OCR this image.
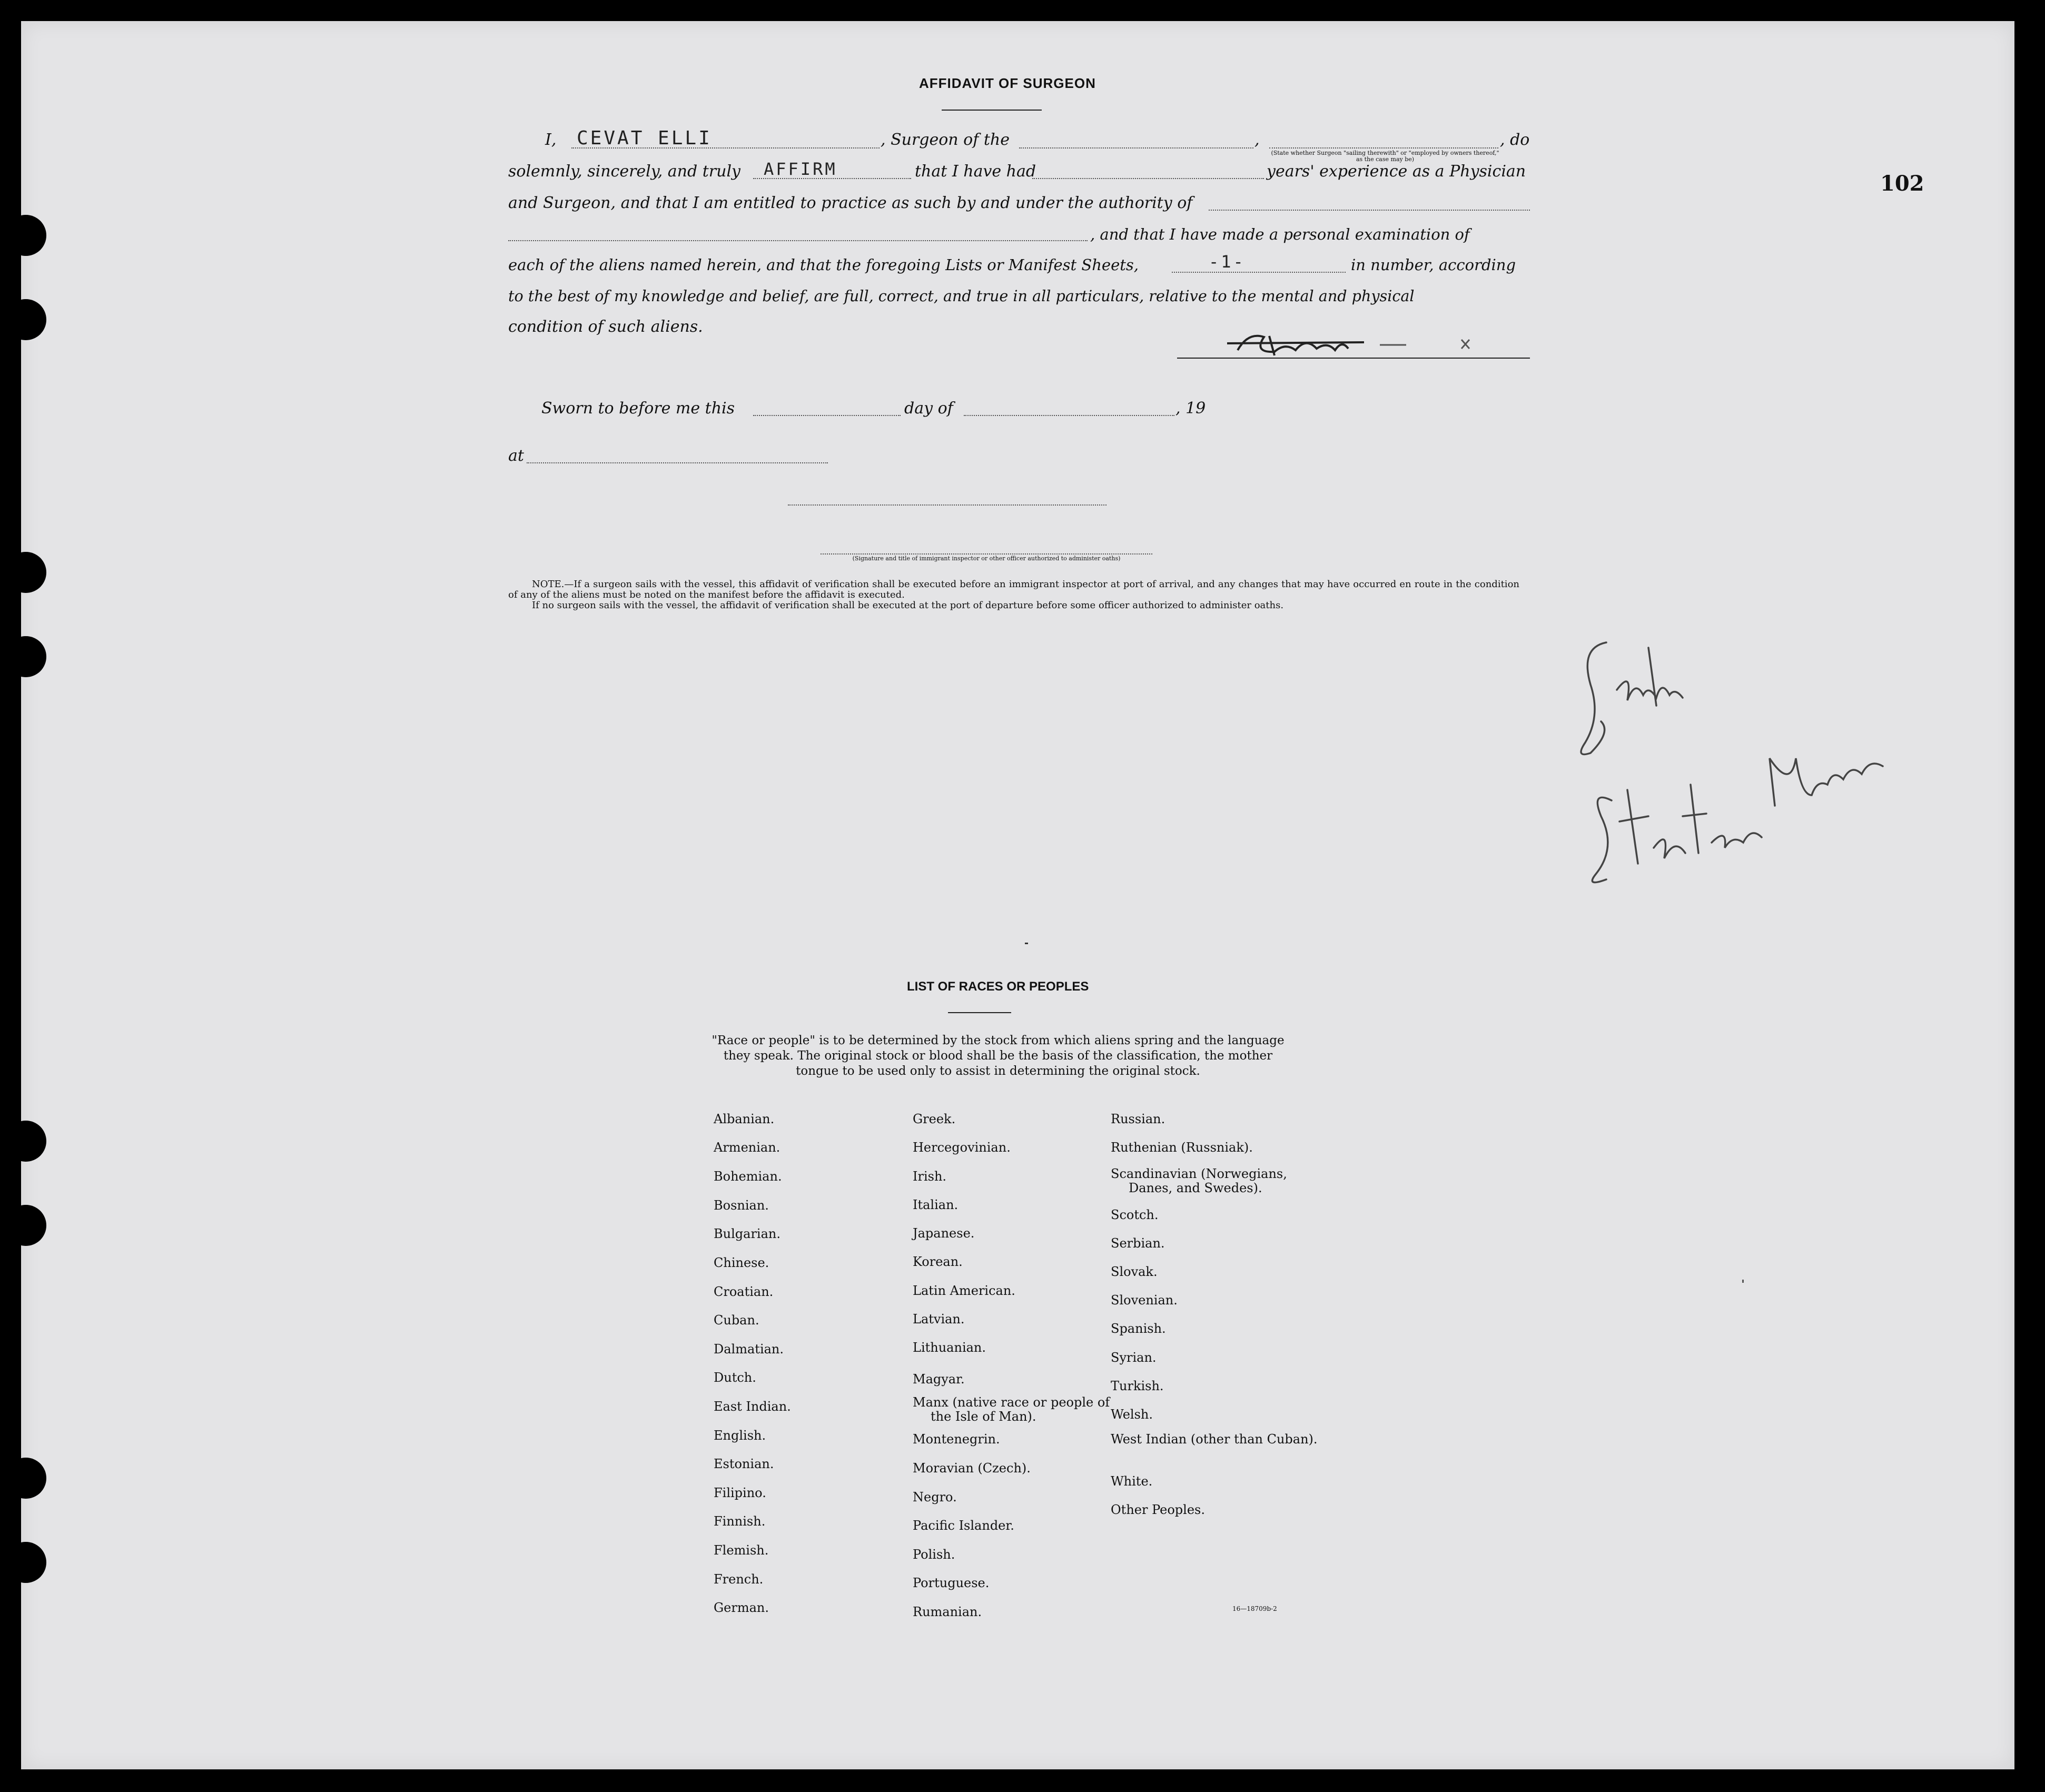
102
AFFIDAVIT OF SURGEON
I, CEVAT ELLI	, Surgeon of the	,	, do
(State whether Surgeon "sailing therewith" or "employed by owners thereof," as the case may be)
solemnly, sincerely, and truly AFFIRM	that I have had	years' experience as a Physician
and Surgeon, and that I am entitled to practice as such by and under the authority of
, and that I have made a personal examination of
each of the aliens named herein, and that the foregoing Lists or Manifest Sheets,	-1-	in number, according
to the best of my knowledge and belief, are full, correct, and true in all particulars, relative to the mental and physical
condition of such aliens.
Sworn to before me this	day of	, 19
at
(Signature and title of immigrant inspector or other officer authorized to administer oaths)
NOTE.—If a surgeon sails with the vessel, this affidavit of verification shall be executed before an immigrant inspector at port of arrival, and any changes that may have occurred en route in the condition of any of the aliens must be noted on the manifest before the affidavit is executed.
If no surgeon sails with the vessel, the affidavit of verification shall be executed at the port of departure before some officer authorized to administer oaths.
LIST OF RACES OR PEOPLES
"Race or people" is to be determined by the stock from which aliens spring and the language they speak. The original stock or blood shall be the basis of the classification, the mother tongue to be used only to assist in determining the original stock.
16—18709b-2
Albanian.
Armenian.
Bohemian.
Bosnian.
Bulgarian.
Chinese.
Croatian.
Cuban.
Dalmatian.
Dutch.
East Indian.
English.
Estonian.
Filipino.
Finnish.
Flemish.
French.
German.
Greek.
Hercegovinian.
Irish.
Italian.
Japanese.
Korean.
Latin American.
Latvian.
Lithuanian.
Magyar.
Manx (native race or people of the Isle of Man).
Montenegrin.
Moravian (Czech).
Negro.
Pacific Islander.
Polish.
Portuguese.
Rumanian.
Russian.
Ruthenian (Russniak).
Scandinavian (Norwegians, Danes, and Swedes).
Scotch.
Serbian.
Slovak.
Slovenian.
Spanish.
Syrian.
Turkish.
Welsh.
West Indian (other than Cuban).
White.
Other Peoples.
